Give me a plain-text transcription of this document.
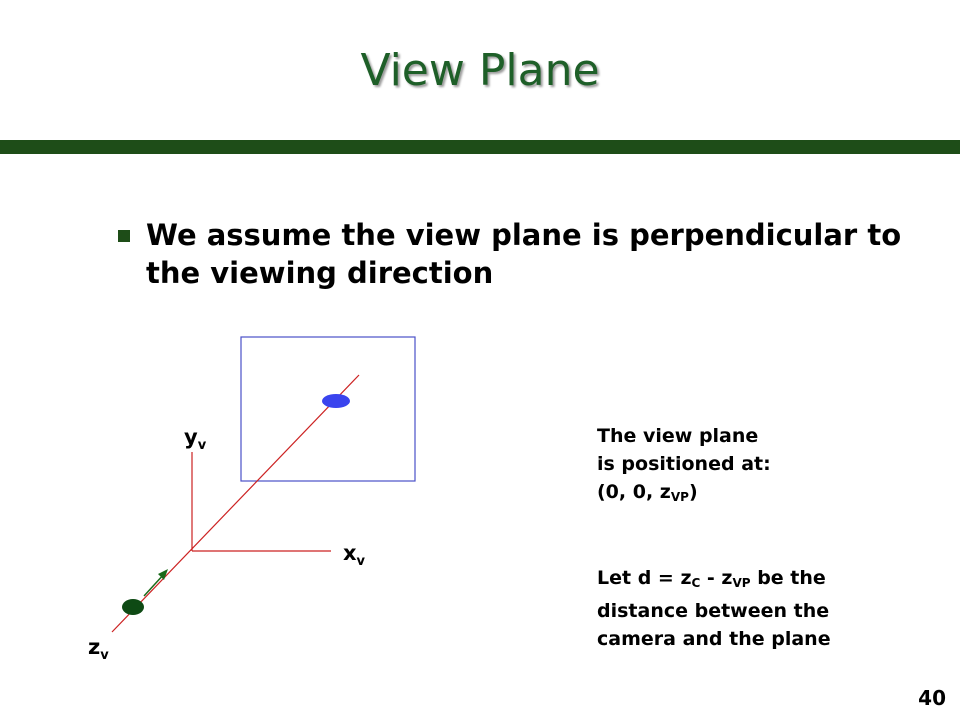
View Plane
We assume the view plane is perpendicular to the viewing direction
$y_v$
$x_v$
$z_v$
The view plane
is positioned at:
(0, 0, $z_{VP}$)
Let $d = z_C - z_{VP}$ be the
distance between the
camera and the plane
40
